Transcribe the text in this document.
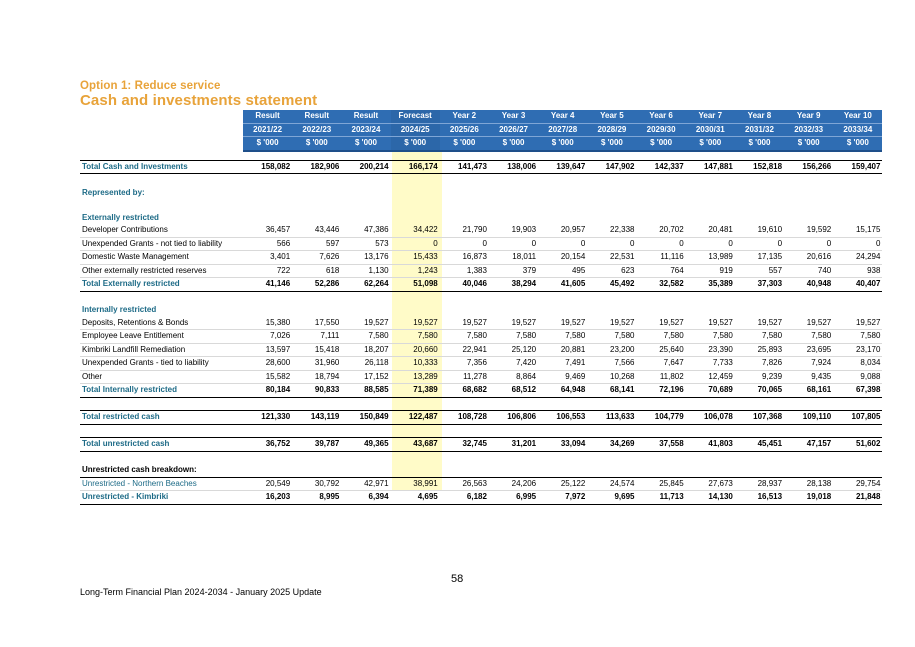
Option 1: Reduce service
Cash and investments statement
	Result	Result	Result	Forecast	Year 2	Year 3	Year 4	Year 5	Year 6	Year 7	Year 8	Year 9	Year 10
	2021/22	2022/23	2023/24	2024/25	2025/26	2026/27	2027/28	2028/29	2029/30	2030/31	2031/32	2032/33	2033/34
	$ '000	$ '000	$ '000	$ '000	$ '000	$ '000	$ '000	$ '000	$ '000	$ '000	$ '000	$ '000	$ '000

Total Cash and Investments	158,082	182,906	200,214	166,174	141,473	138,006	139,647	147,902	142,337	147,881	152,818	156,266	159,407

Represented by:													

Externally restricted													
Developer Contributions	36,457	43,446	47,386	34,422	21,790	19,903	20,957	22,338	20,702	20,481	19,610	19,592	15,175
Unexpended Grants - not tied to liability	566	597	573	0	0	0	0	0	0	0	0	0	0
Domestic Waste Management	3,401	7,626	13,176	15,433	16,873	18,011	20,154	22,531	11,116	13,989	17,135	20,616	24,294
Other externally restricted reserves	722	618	1,130	1,243	1,383	379	495	623	764	919	557	740	938
Total Externally restricted	41,146	52,286	62,264	51,098	40,046	38,294	41,605	45,492	32,582	35,389	37,303	40,948	40,407

Internally restricted													
Deposits, Retentions & Bonds	15,380	17,550	19,527	19,527	19,527	19,527	19,527	19,527	19,527	19,527	19,527	19,527	19,527
Employee Leave Entitlement	7,026	7,111	7,580	7,580	7,580	7,580	7,580	7,580	7,580	7,580	7,580	7,580	7,580
Kimbriki Landfill Remediation	13,597	15,418	18,207	20,660	22,941	25,120	20,881	23,200	25,640	23,390	25,893	23,695	23,170
Unexpended Grants - tied to liability	28,600	31,960	26,118	10,333	7,356	7,420	7,491	7,566	7,647	7,733	7,826	7,924	8,034
Other	15,582	18,794	17,152	13,289	11,278	8,864	9,469	10,268	11,802	12,459	9,239	9,435	9,088
Total Internally restricted	80,184	90,833	88,585	71,389	68,682	68,512	64,948	68,141	72,196	70,689	70,065	68,161	67,398

Total restricted cash	121,330	143,119	150,849	122,487	108,728	106,806	106,553	113,633	104,779	106,078	107,368	109,110	107,805

Total unrestricted cash	36,752	39,787	49,365	43,687	32,745	31,201	33,094	34,269	37,558	41,803	45,451	47,157	51,602

Unrestricted cash breakdown:													
Unrestricted - Northern Beaches	20,549	30,792	42,971	38,991	26,563	24,206	25,122	24,574	25,845	27,673	28,937	28,138	29,754
Unrestricted - Kimbriki	16,203	8,995	6,394	4,695	6,182	6,995	7,972	9,695	11,713	14,130	16,513	19,018	21,848
58
Long-Term Financial Plan 2024-2034 - January 2025 Update
